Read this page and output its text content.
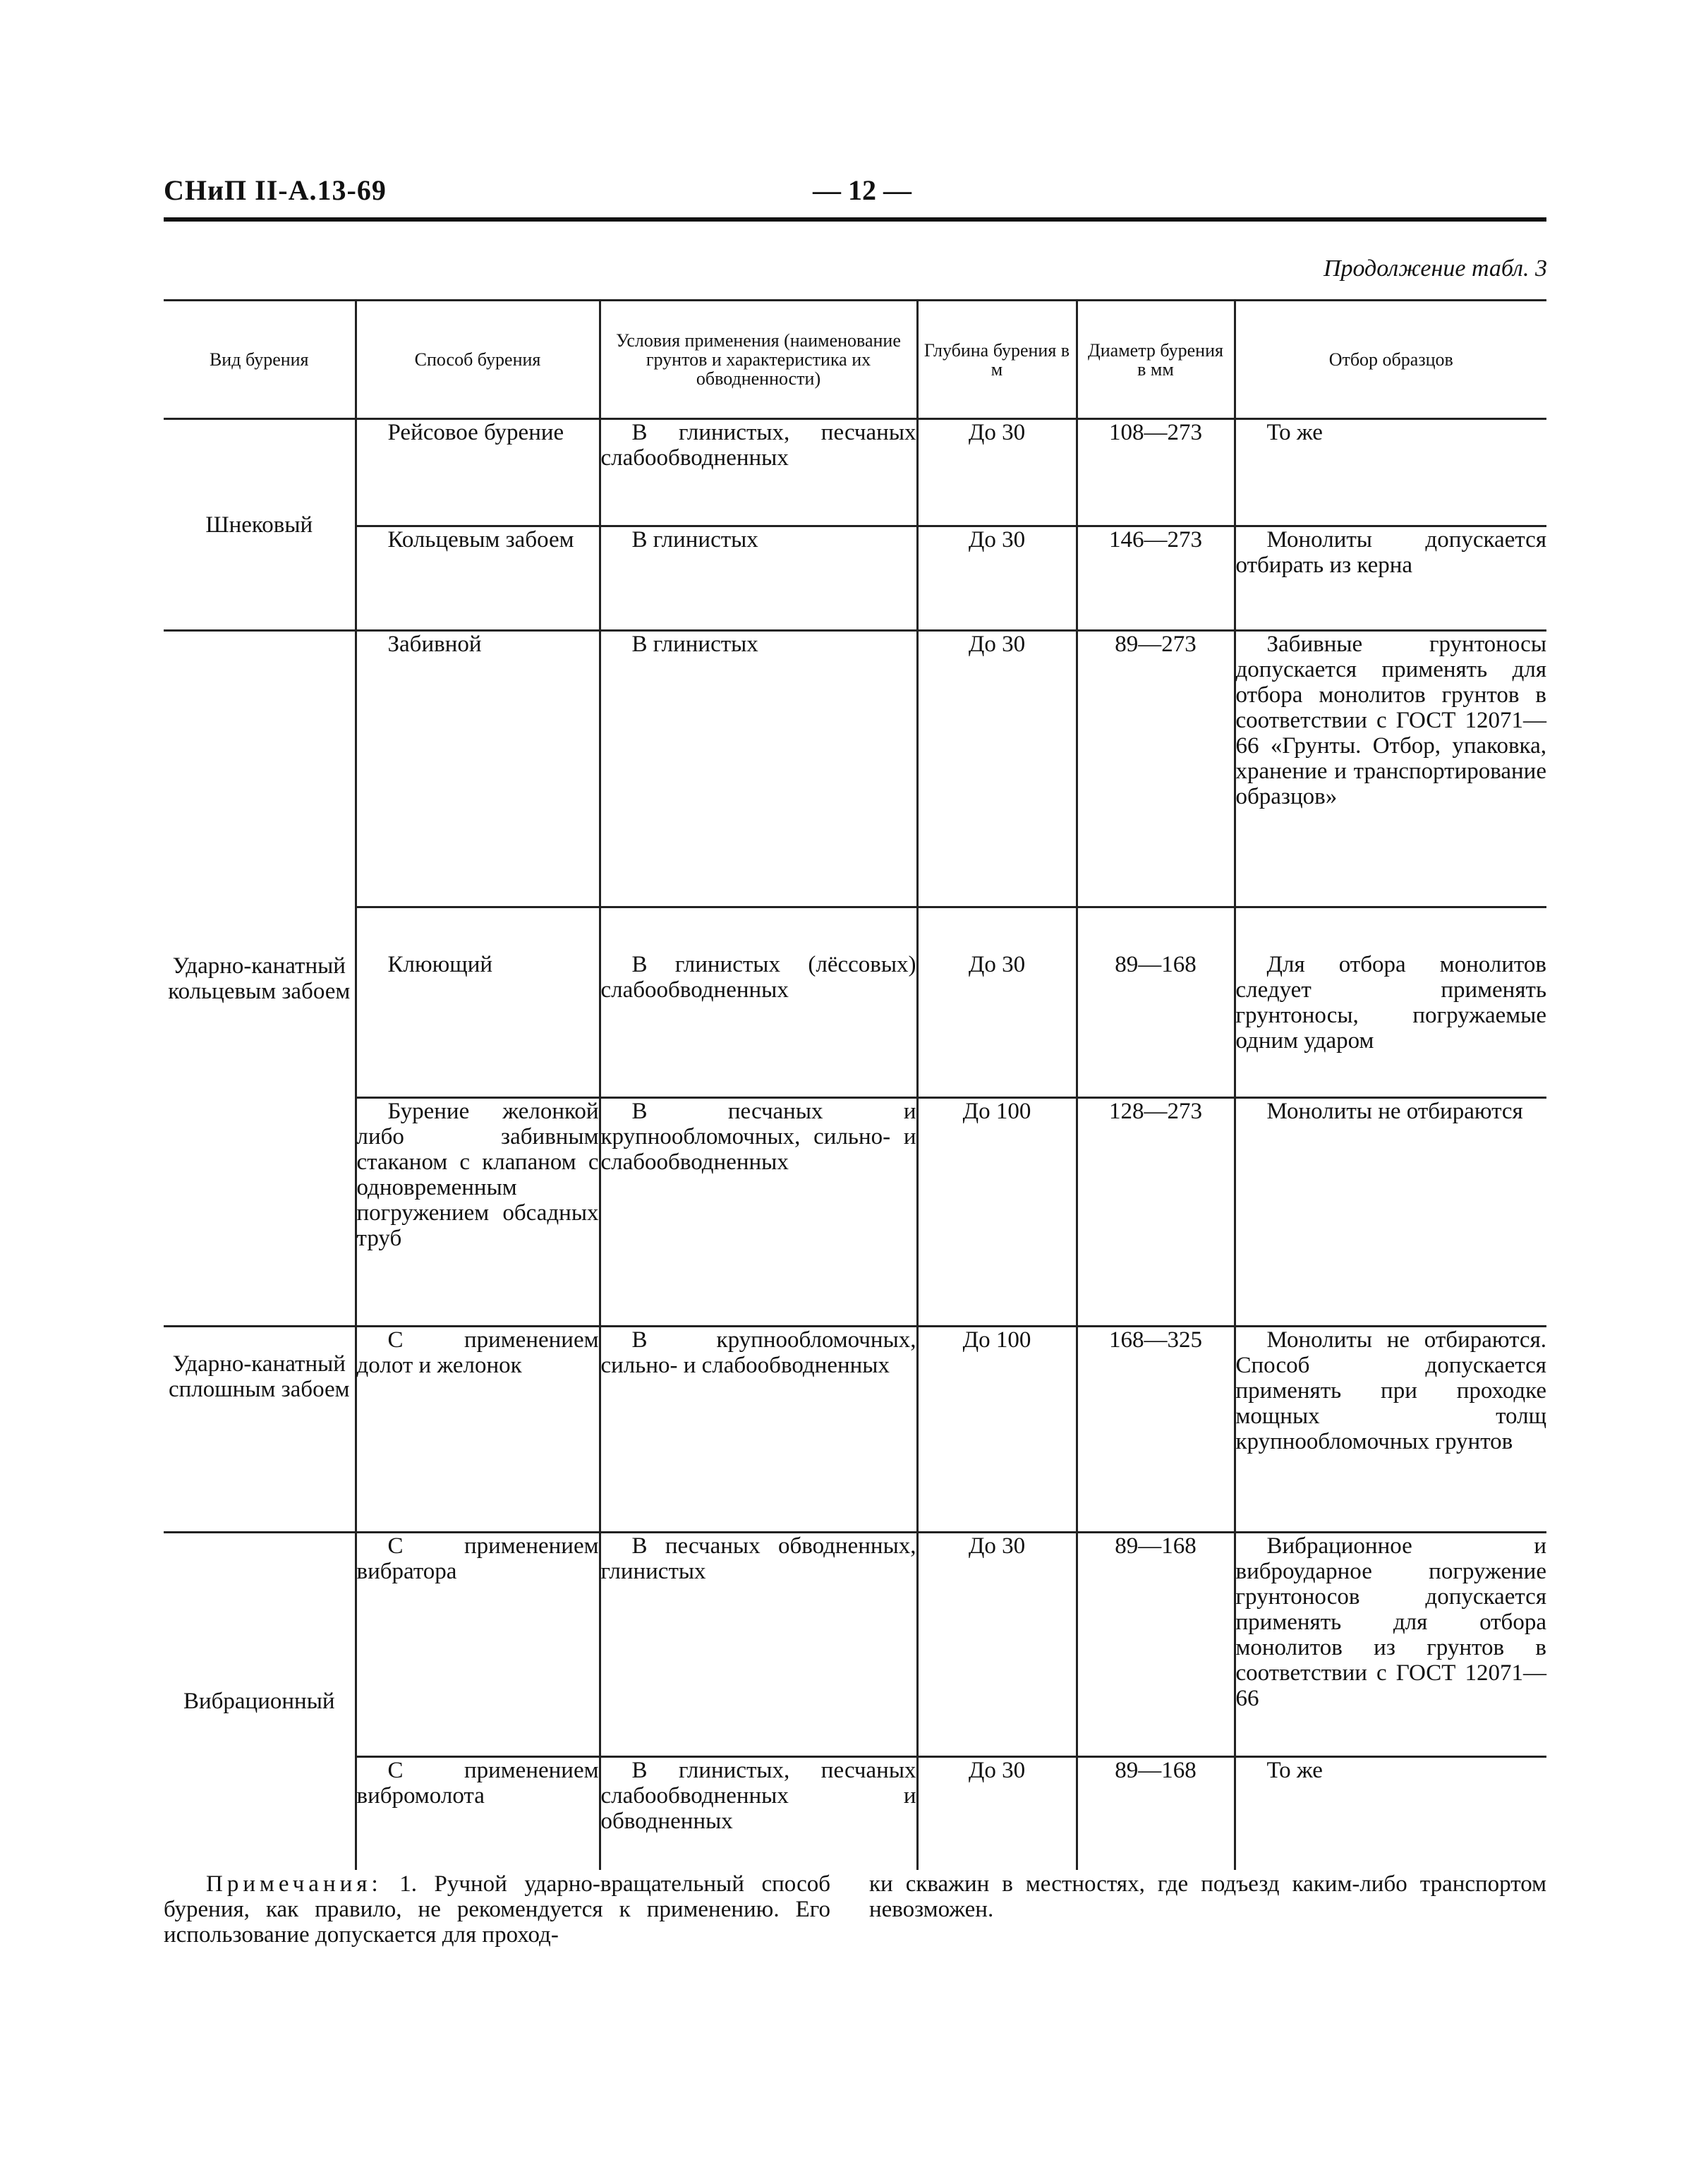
СНиП II-А.13-69	— 12 —
Продолжение табл. 3
Вид бурения	Способ бурения	Условия применения (наименование грунтов и характеристика их обводненности)	Глубина бурения в м	Диаметр бурения в мм	Отбор образцов
Шнековый	Рейсовое бурение	В глинистых, песчаных слабообводненных	До 30	108—273	То же
	Кольцевым забоем	В глинистых	До 30	146—273	Монолиты допускается отбирать из керна
Ударно-канатный кольцевым забоем	Забивной	В глинистых	До 30	89—273	Забивные грунтоносы допускается применять для отбора монолитов грунтов в соответствии с ГОСТ 12071—66 «Грунты. Отбор, упаковка, хранение и транспортирование образцов»
	Клюющий	В глинистых (лёссовых) слабообводненных	До 30	89—168	Для отбора монолитов следует применять грунтоносы, погружаемые одним ударом
	Бурение желонкой либо забивным стаканом с клапаном с одновременным погружением обсадных труб	В песчаных и крупнообломочных, сильно- и слабообводненных	До 100	128—273	Монолиты не отбираются
Ударно-канатный сплошным забоем	С применением долот и желонок	В крупнообломочных, сильно- и слабообводненных	До 100	168—325	Монолиты не отбираются. Способ допускается применять при проходке мощных толщ крупнообломочных грунтов
Вибрационный	С применением вибратора	В песчаных обводненных, глинистых	До 30	89—168	Вибрационное и виброударное погружение грунтоносов допускается применять для отбора монолитов из грунтов в соответствии с ГОСТ 12071—66
	С применением вибромолота	В глинистых, песчаных слабообводненных и обводненных	До 30	89—168	То же
Примечания: 1. Ручной ударно-вращательный способ бурения, как правило, не рекомендуется к применению. Его использование допускается для проход-
ки скважин в местностях, где подъезд каким-либо транспортом невозможен.
